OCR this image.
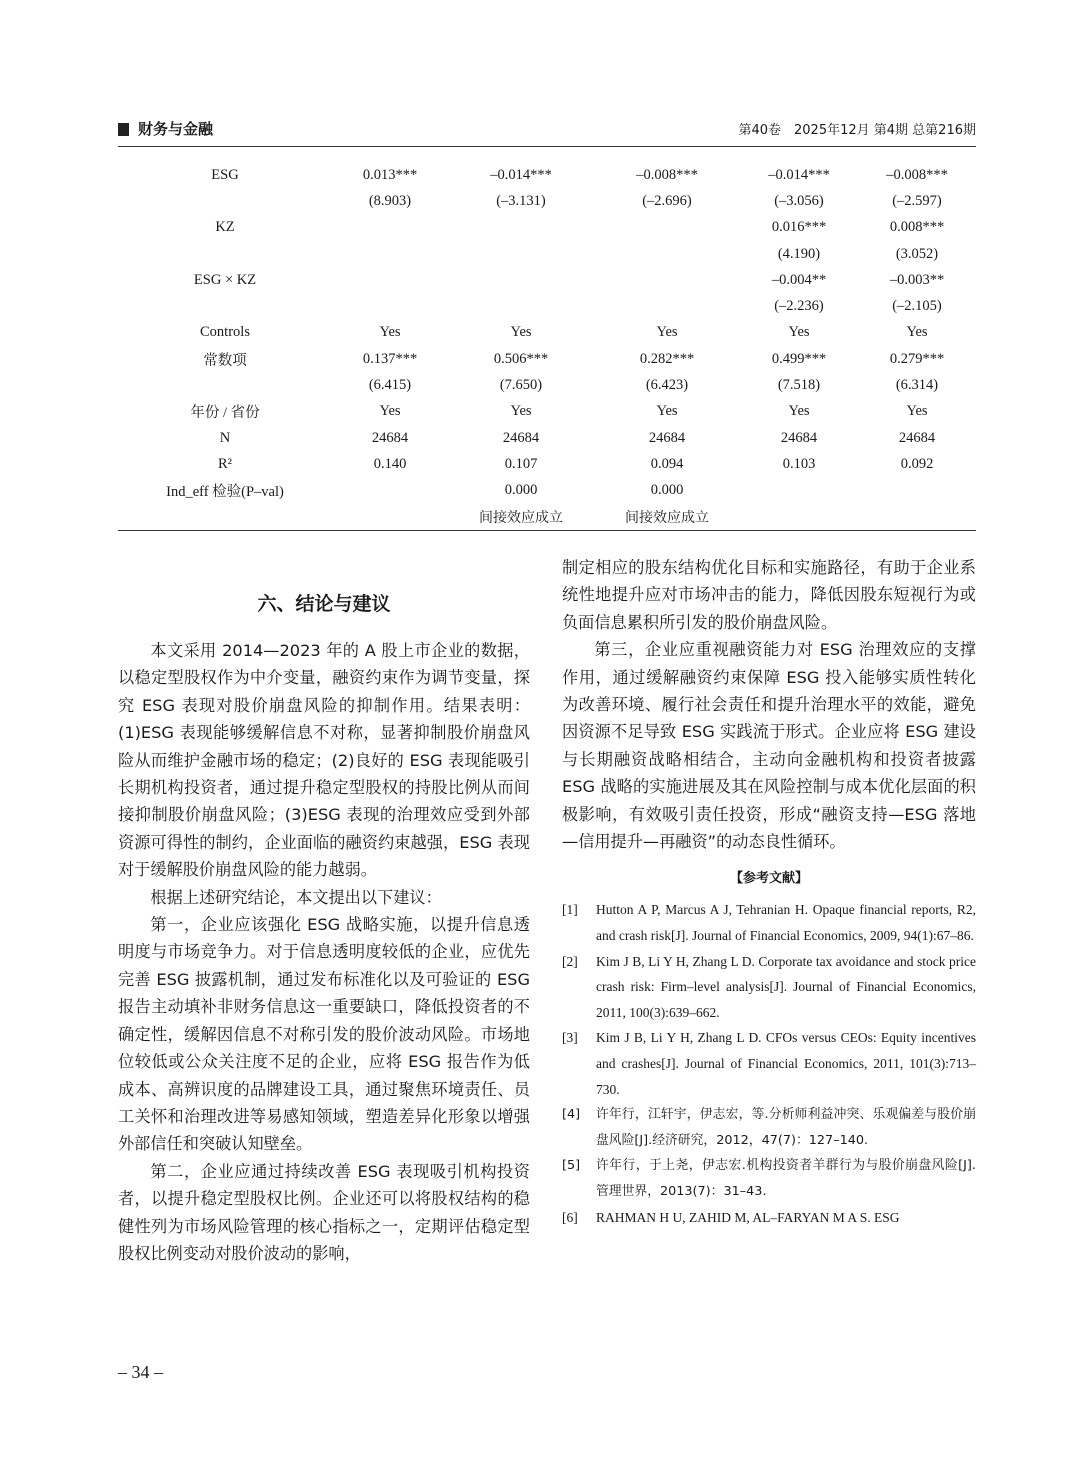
财务与金融	第40卷　2025年12月 第4期 总第216期
ESG	0.013***	–0.014***	–0.008***	–0.014***	–0.008***
	(8.903)	(–3.131)	(–2.696)	(–3.056)	(–2.597)
KZ				0.016***	0.008***
				(4.190)	(3.052)
ESG × KZ				–0.004**	–0.003**
				(–2.236)	(–2.105)
Controls	Yes	Yes	Yes	Yes	Yes
常数项	0.137***	0.506***	0.282***	0.499***	0.279***
	(6.415)	(7.650)	(6.423)	(7.518)	(6.314)
年份 / 省份	Yes	Yes	Yes	Yes	Yes
N	24684	24684	24684	24684	24684
R²	0.140	0.107	0.094	0.103	0.092
Ind_eff 检验(P–val)		0.000	0.000		
		间接效应成立	间接效应成立		
六、结论与建议

本文采用 2014—2023 年的 A 股上市企业的数据，以稳定型股权作为中介变量，融资约束作为调节变量，探究 ESG 表现对股价崩盘风险的抑制作用。结果表明：(1)ESG 表现能够缓解信息不对称，显著抑制股价崩盘风险从而维护金融市场的稳定；(2)良好的 ESG 表现能吸引长期机构投资者，通过提升稳定型股权的持股比例从而间接抑制股价崩盘风险；(3)ESG 表现的治理效应受到外部资源可得性的制约，企业面临的融资约束越强，ESG 表现对于缓解股价崩盘风险的能力越弱。

根据上述研究结论，本文提出以下建议：

第一，企业应该强化 ESG 战略实施，以提升信息透明度与市场竞争力。对于信息透明度较低的企业，应优先完善 ESG 披露机制，通过发布标准化以及可验证的 ESG 报告主动填补非财务信息这一重要缺口，降低投资者的不确定性，缓解因信息不对称引发的股价波动风险。市场地位较低或公众关注度不足的企业，应将 ESG 报告作为低成本、高辨识度的品牌建设工具，通过聚焦环境责任、员工关怀和治理改进等易感知领域，塑造差异化形象以增强外部信任和突破认知壁垒。

第二，企业应通过持续改善 ESG 表现吸引机构投资者，以提升稳定型股权比例。企业还可以将股权结构的稳健性列为市场风险管理的核心指标之一，定期评估稳定型股权比例变动对股价波动的影响，

制定相应的股东结构优化目标和实施路径，有助于企业系统性地提升应对市场冲击的能力，降低因股东短视行为或负面信息累积所引发的股价崩盘风险。

第三，企业应重视融资能力对 ESG 治理效应的支撑作用，通过缓解融资约束保障 ESG 投入能够实质性转化为改善环境、履行社会责任和提升治理水平的效能，避免因资源不足导致 ESG 实践流于形式。企业应将 ESG 建设与长期融资战略相结合，主动向金融机构和投资者披露 ESG 战略的实施进展及其在风险控制与成本优化层面的积极影响，有效吸引责任投资，形成“融资支持—ESG 落地—信用提升—再融资”的动态良性循环。

【参考文献】

[1] Hutton A P, Marcus A J, Tehranian H. Opaque financial reports, R2, and crash risk[J]. Journal of Financial Economics, 2009, 94(1):67–86.

[2] Kim J B, Li Y H, Zhang L D. Corporate tax avoidance and stock price crash risk: Firm–level analysis[J]. Journal of Financial Economics, 2011, 100(3):639–662.

[3] Kim J B, Li Y H, Zhang L D. CFOs versus CEOs: Equity incentives and crashes[J]. Journal of Financial Economics, 2011, 101(3):713–730.

[4] 许年行，江轩宇，伊志宏，等.分析师利益冲突、乐观偏差与股价崩盘风险[J].经济研究，2012，47(7)：127–140.

[5] 许年行，于上尧，伊志宏.机构投资者羊群行为与股价崩盘风险[J].管理世界，2013(7)：31–43.

[6] RAHMAN H U, ZAHID M, AL–FARYAN M A S. ESG

– 34 –
